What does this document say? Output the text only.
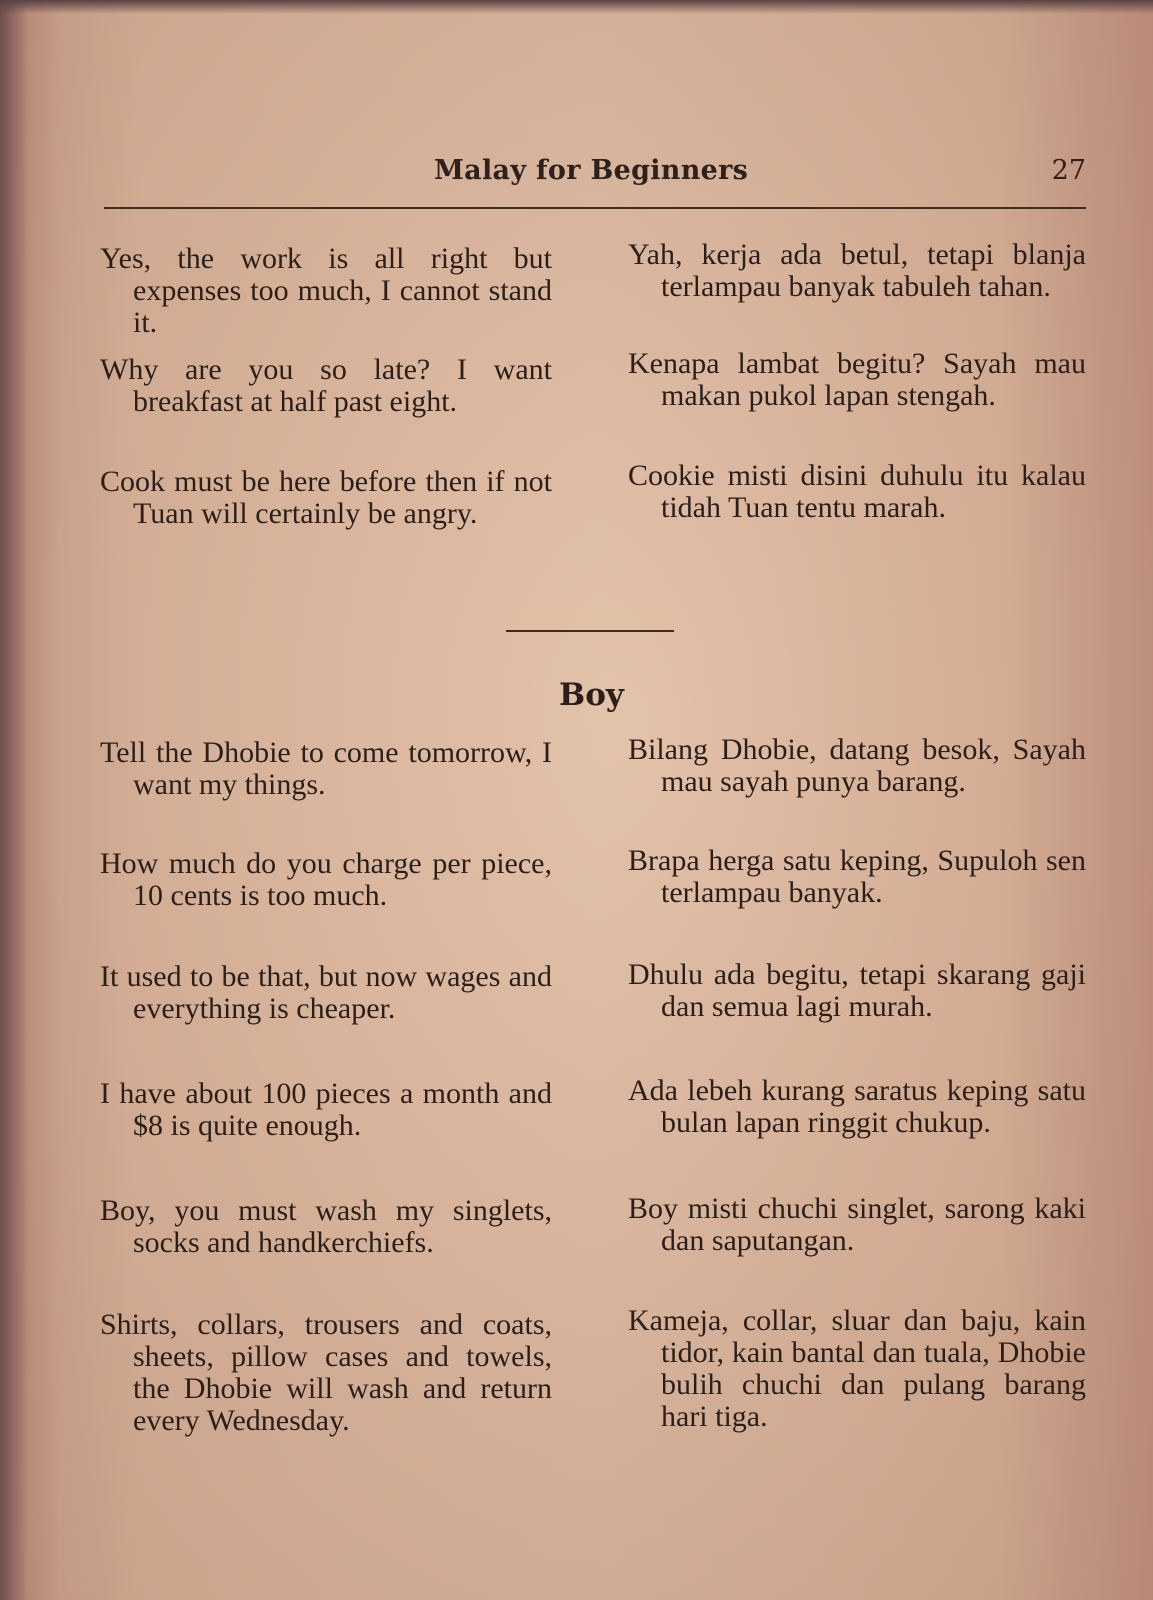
Malay for Beginners	27
Yes, the work is all right but expenses too much, I cannot stand it.
Why are you so late? I want breakfast at half past eight.
Cook must be here before then if not Tuan will certainly be angry.
Tell the Dhobie to come tomorrow, I want my things.
How much do you charge per piece, 10 cents is too much.
It used to be that, but now wages and everything is cheaper.
I have about 100 pieces a month and $8 is quite enough.
Boy, you must wash my singlets, socks and handkerchiefs.
Shirts, collars, trousers and coats, sheets, pillow cases and towels, the Dhobie will wash and return every Wednesday.
Yah, kerja ada betul, tetapi blanja terlampau banyak tabuleh tahan.
Kenapa lambat begitu? Sayah mau makan pukol lapan stengah.
Cookie misti disini duhulu itu kalau tidah Tuan tentu marah.
Bilang Dhobie, datang besok, Sayah mau sayah punya barang.
Brapa herga satu keping, Supuloh sen terlampau banyak.
Dhulu ada begitu, tetapi skarang gaji dan semua lagi murah.
Ada lebeh kurang saratus keping satu bulan lapan ringgit chukup.
Boy misti chuchi singlet, sarong kaki dan saputangan.
Kameja, collar, sluar dan baju, kain tidor, kain bantal dan tuala, Dhobie bulih chuchi dan pulang barang hari tiga.
Boy
